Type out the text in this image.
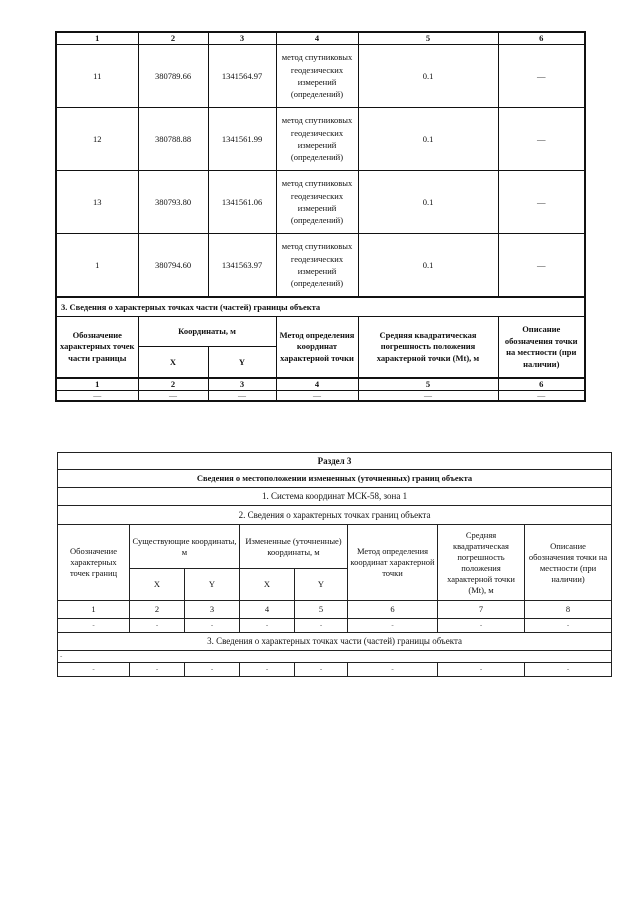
1	2	3	4	5	6
11	380789.66	1341564.97	метод спутниковых геодезических измерений (определений)	0.1	—
12	380788.88	1341561.99	метод спутниковых геодезических измерений (определений)	0.1	—
13	380793.80	1341561.06	метод спутниковых геодезических измерений (определений)	0.1	—
1	380794.60	1341563.97	метод спутниковых геодезических измерений (определений)	0.1	—
3. Сведения о характерных точках части (частей) границы объекта					
Обозначение характерных точек части границы	Координаты, м		Метод определения координат характерной точки	Средняя квадратическая погрешность положения характерной точки (Mt), м	Описание обозначения точки на местности (при наличии)
	X	Y			
1	2	3	4	5	6
—	—	—	—	—	—
Раздел 3							
Сведения о местоположении измененных (уточненных) границ объекта							
1. Система координат МСК-58, зона 1							
2. Сведения о характерных точках границ объекта							
Обозначение характерных точек границ	Существующие координаты, м		Измененные (уточненные) координаты, м		Метод определения координат характерной точки	Средняя квадратическая погрешность положения характерной точки (Mt), м	Описание обозначения точки на местности (при наличии)
	X	Y	X	Y			
1	2	3	4	5	6	7	8
-	-	-	-	-	-	-	-
3. Сведения о характерных точках части (частей) границы объекта							
-							
-	-	-	-	-	-	-	-
